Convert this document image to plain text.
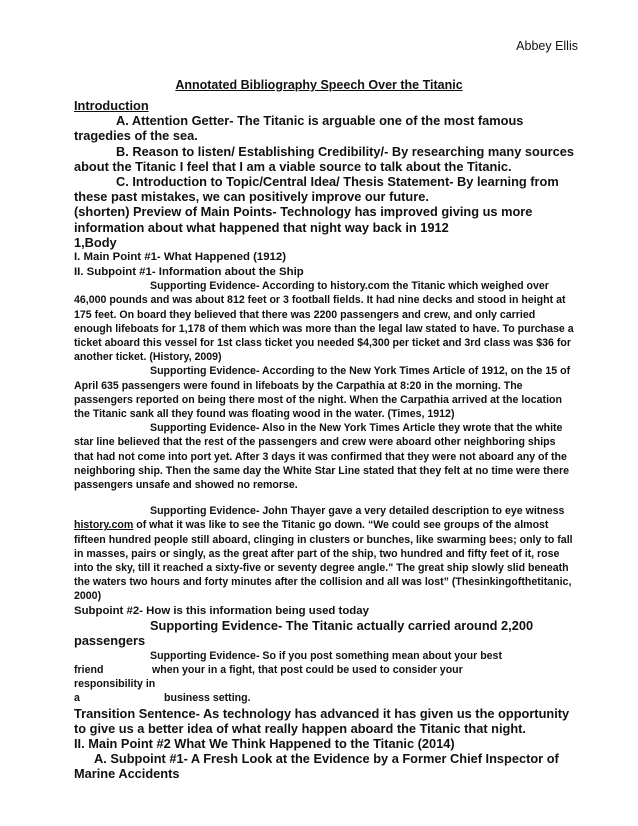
Abbey Ellis
Annotated Bibliography Speech Over the Titanic

Introduction

A. Attention Getter- The Titanic is arguable one of the most famous tragedies of the sea.

B. Reason to listen/ Establishing Credibility/- By researching many sources about the Titanic I feel that I am a viable source to talk about the Titanic.

C. Introduction to Topic/Central Idea/ Thesis Statement- By learning from these past mistakes, we can positively improve our future.

(shorten) Preview of Main Points- Technology has improved giving us more information about what happened that night way back in 1912

1,Body

I. Main Point #1- What Happened (1912)

II. Subpoint #1- Information about the Ship

Supporting Evidence- According to history.com the Titanic which weighed over 46,000 pounds and was about 812 feet or 3 football fields. It had nine decks and stood in height at 175 feet. On board they believed that there was 2200 passengers and crew, and only carried enough lifeboats for 1,178 of them which was more than the legal law stated to have. To purchase a ticket aboard this vessel for 1st class ticket you needed $4,300 per ticket and 3rd class was $36 for another ticket. (History, 2009)

Supporting Evidence- According to the New York Times Article of 1912, on the 15 of April 635 passengers were found in lifeboats by the Carpathia at 8:20 in the morning. The passengers reported on being there most of the night. When the Carpathia arrived at the location the Titanic sank all they found was floating wood in the water. (Times, 1912)

Supporting Evidence- Also in the New York Times Article they wrote that the white star line believed that the rest of the passengers and crew were aboard other neighboring ships that had not come into port yet. After 3 days it was confirmed that they were not aboard any of the neighboring ship. Then the same day the White Star Line stated that they felt at no time were there passengers unsafe and showed no remorse.

Supporting Evidence- John Thayer gave a very detailed description to eye witness history.com of what it was like to see the Titanic go down. “We could see groups of the almost fifteen hundred people still aboard, clinging in clusters or bunches, like swarming bees; only to fall in masses, pairs or singly, as the great after part of the ship, two hundred and fifty feet of it, rose into the sky, till it reached a sixty-five or seventy degree angle." The great ship slowly slid beneath the waters two hours and forty minutes after the collision and all was lost” (Thesinkingofthetitanic, 2000)

Subpoint #2- How is this information being used today

Supporting Evidence- The Titanic actually carried around 2,200 passengers

Supporting Evidence- So if you post something mean about your best
friend	when your in a fight, that post could be used to consider your
responsibility in a	business setting.

Transition Sentence- As technology has advanced it has given us the opportunity to give us a better idea of what really happen aboard the Titanic that night.

II. Main Point #2 What We Think Happened to the Titanic (2014)

A. Subpoint #1- A Fresh Look at the Evidence by a Former Chief Inspector of Marine Accidents
